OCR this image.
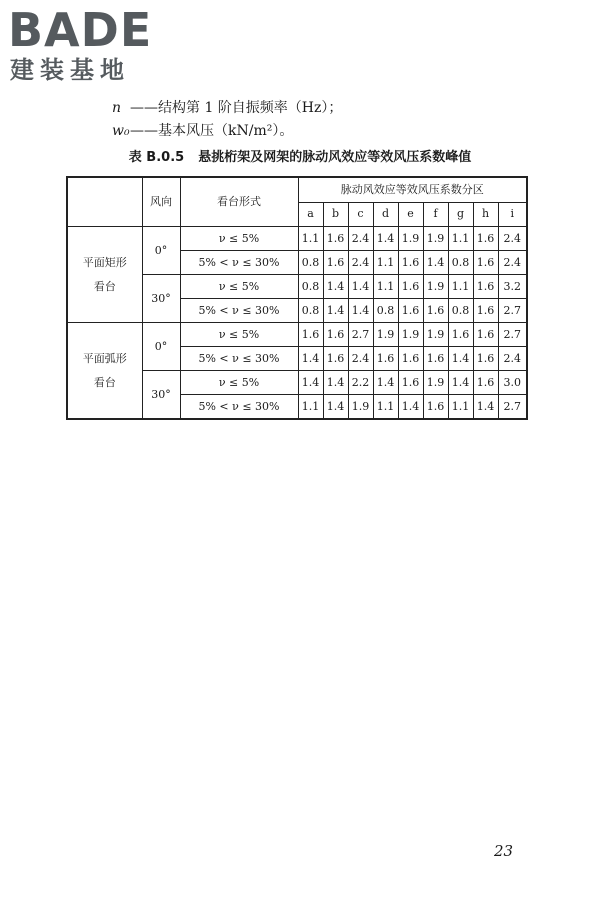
BADE
建装基地
n ——结构第 1 阶自振频率（Hz）；
w₀——基本风压（kN/m²）。
表 B.0.5 悬挑桁架及网架的脉动风效应等效风压系数峰值
	风向	看台形式	脉动风效应等效风压系数分区								
			a	b	c	d	e	f	g	h	i
平面矩形看台	0°	ν ≤ 5%	1.1	1.6	2.4	1.4	1.9	1.9	1.1	1.6	2.4
		5% < ν ≤ 30%	0.8	1.6	2.4	1.1	1.6	1.4	0.8	1.6	2.4
	30°	ν ≤ 5%	0.8	1.4	1.4	1.1	1.6	1.9	1.1	1.6	3.2
		5% < ν ≤ 30%	0.8	1.4	1.4	0.8	1.6	1.6	0.8	1.6	2.7
平面弧形看台	0°	ν ≤ 5%	1.6	1.6	2.7	1.9	1.9	1.9	1.6	1.6	2.7
		5% < ν ≤ 30%	1.4	1.6	2.4	1.6	1.6	1.6	1.4	1.6	2.4
	30°	ν ≤ 5%	1.4	1.4	2.2	1.4	1.6	1.9	1.4	1.6	3.0
		5% < ν ≤ 30%	1.1	1.4	1.9	1.1	1.4	1.6	1.1	1.4	2.7
23
